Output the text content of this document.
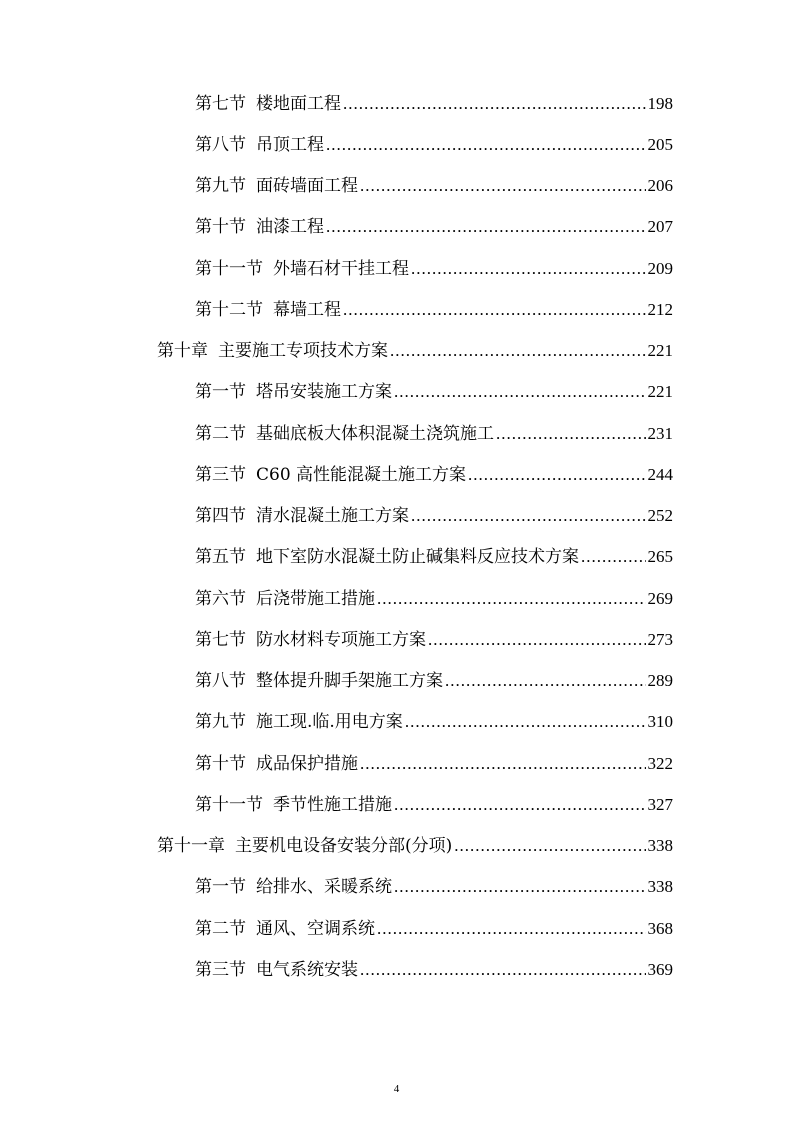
第七节 楼地面工程 .....	198
第八节 吊顶工程 .....	205
第九节 面砖墙面工程 .....	206
第十节 油漆工程 .....	207
第十一节 外墙石材干挂工程 .....	209
第十二节 幕墙工程 .....	212
第十章 主要施工专项技术方案 .....	221
第一节 塔吊安装施工方案 .....	221
第二节 基础底板大体积混凝土浇筑施工 .....	231
第三节 C60 高性能混凝土施工方案 .....	244
第四节 清水混凝土施工方案 .....	252
第五节 地下室防水混凝土防止碱集料反应技术方案 .....	265
第六节 后浇带施工措施 .....	269
第七节 防水材料专项施工方案 .....	273
第八节 整体提升脚手架施工方案 .....	289
第九节 施工现.临.用电方案 .....	310
第十节 成品保护措施 .....	322
第十一节 季节性施工措施 .....	327
第十一章 主要机电设备安装分部(分项) .....	338
第一节 给排水、采暖系统 .....	338
第二节 通风、空调系统 .....	368
第三节 电气系统安装 .....	369
4
